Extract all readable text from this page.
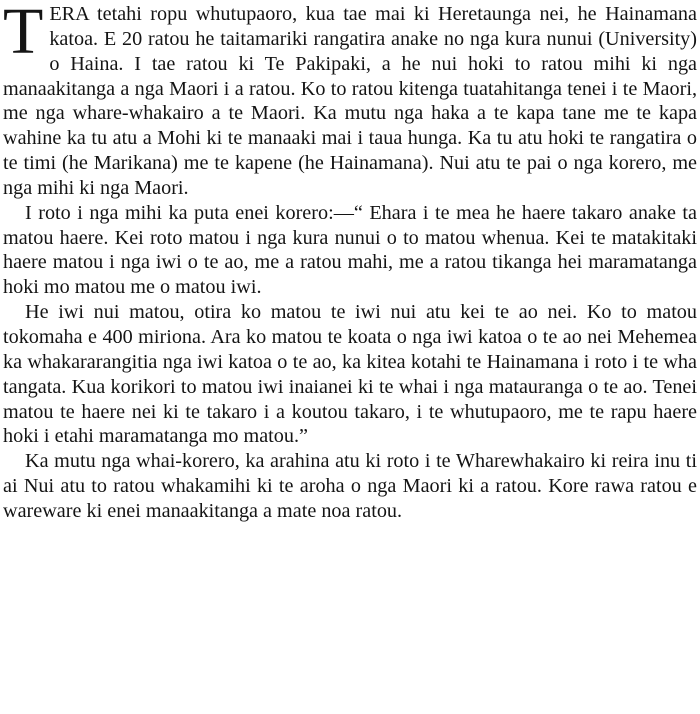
TERA tetahi ropu whutupaoro, kua tae mai ki Heretaunga nei, he Hainamana katoa. E 20 ratou he taitamariki rangatira anake no nga kura nunui (University) o Haina. I tae ratou ki Te Pakipaki, a he nui hoki to ratou mihi ki nga manaakitanga a nga Maori i a ratou. Ko to ratou kitenga tuatahitanga tenei i te Maori, me nga whare-whakairo a te Maori. Ka mutu nga haka a te kapa tane me te kapa wahine ka tu atu a Mohi ki te manaaki mai i taua hunga. Ka tu atu hoki te rangatira o te timi (he Marikana) me te kapene (he Hainamana). Nui atu te pai o nga korero, me nga mihi ki nga Maori.

I roto i nga mihi ka puta enei korero:—“ Ehara i te mea he haere takaro anake ta matou haere. Kei roto matou i nga kura nunui o to matou whenua. Kei te matakitaki haere matou i nga iwi o te ao, me a ratou mahi, me a ratou tikanga hei maramatanga hoki mo matou me o matou iwi.

He iwi nui matou, otira ko matou te iwi nui atu kei te ao nei. Ko to matou tokomaha e 400 miriona. Ara ko matou te koata o nga iwi katoa o te ao nei Mehemea ka whakararangitia nga iwi katoa o te ao, ka kitea kotahi te Hainamana i roto i te wha tangata. Kua korikori to matou iwi inaianei ki te whai i nga matauranga o te ao. Tenei matou te haere nei ki te takaro i a koutou takaro, i te whutupaoro, me te rapu haere hoki i etahi maramatanga mo matou.”

Ka mutu nga whai-korero, ka arahina atu ki roto i te Wharewhakairo ki reira inu ti ai Nui atu to ratou whakamihi ki te aroha o nga Maori ki a ratou. Kore rawa ratou e wareware ki enei manaakitanga a mate noa ratou.
